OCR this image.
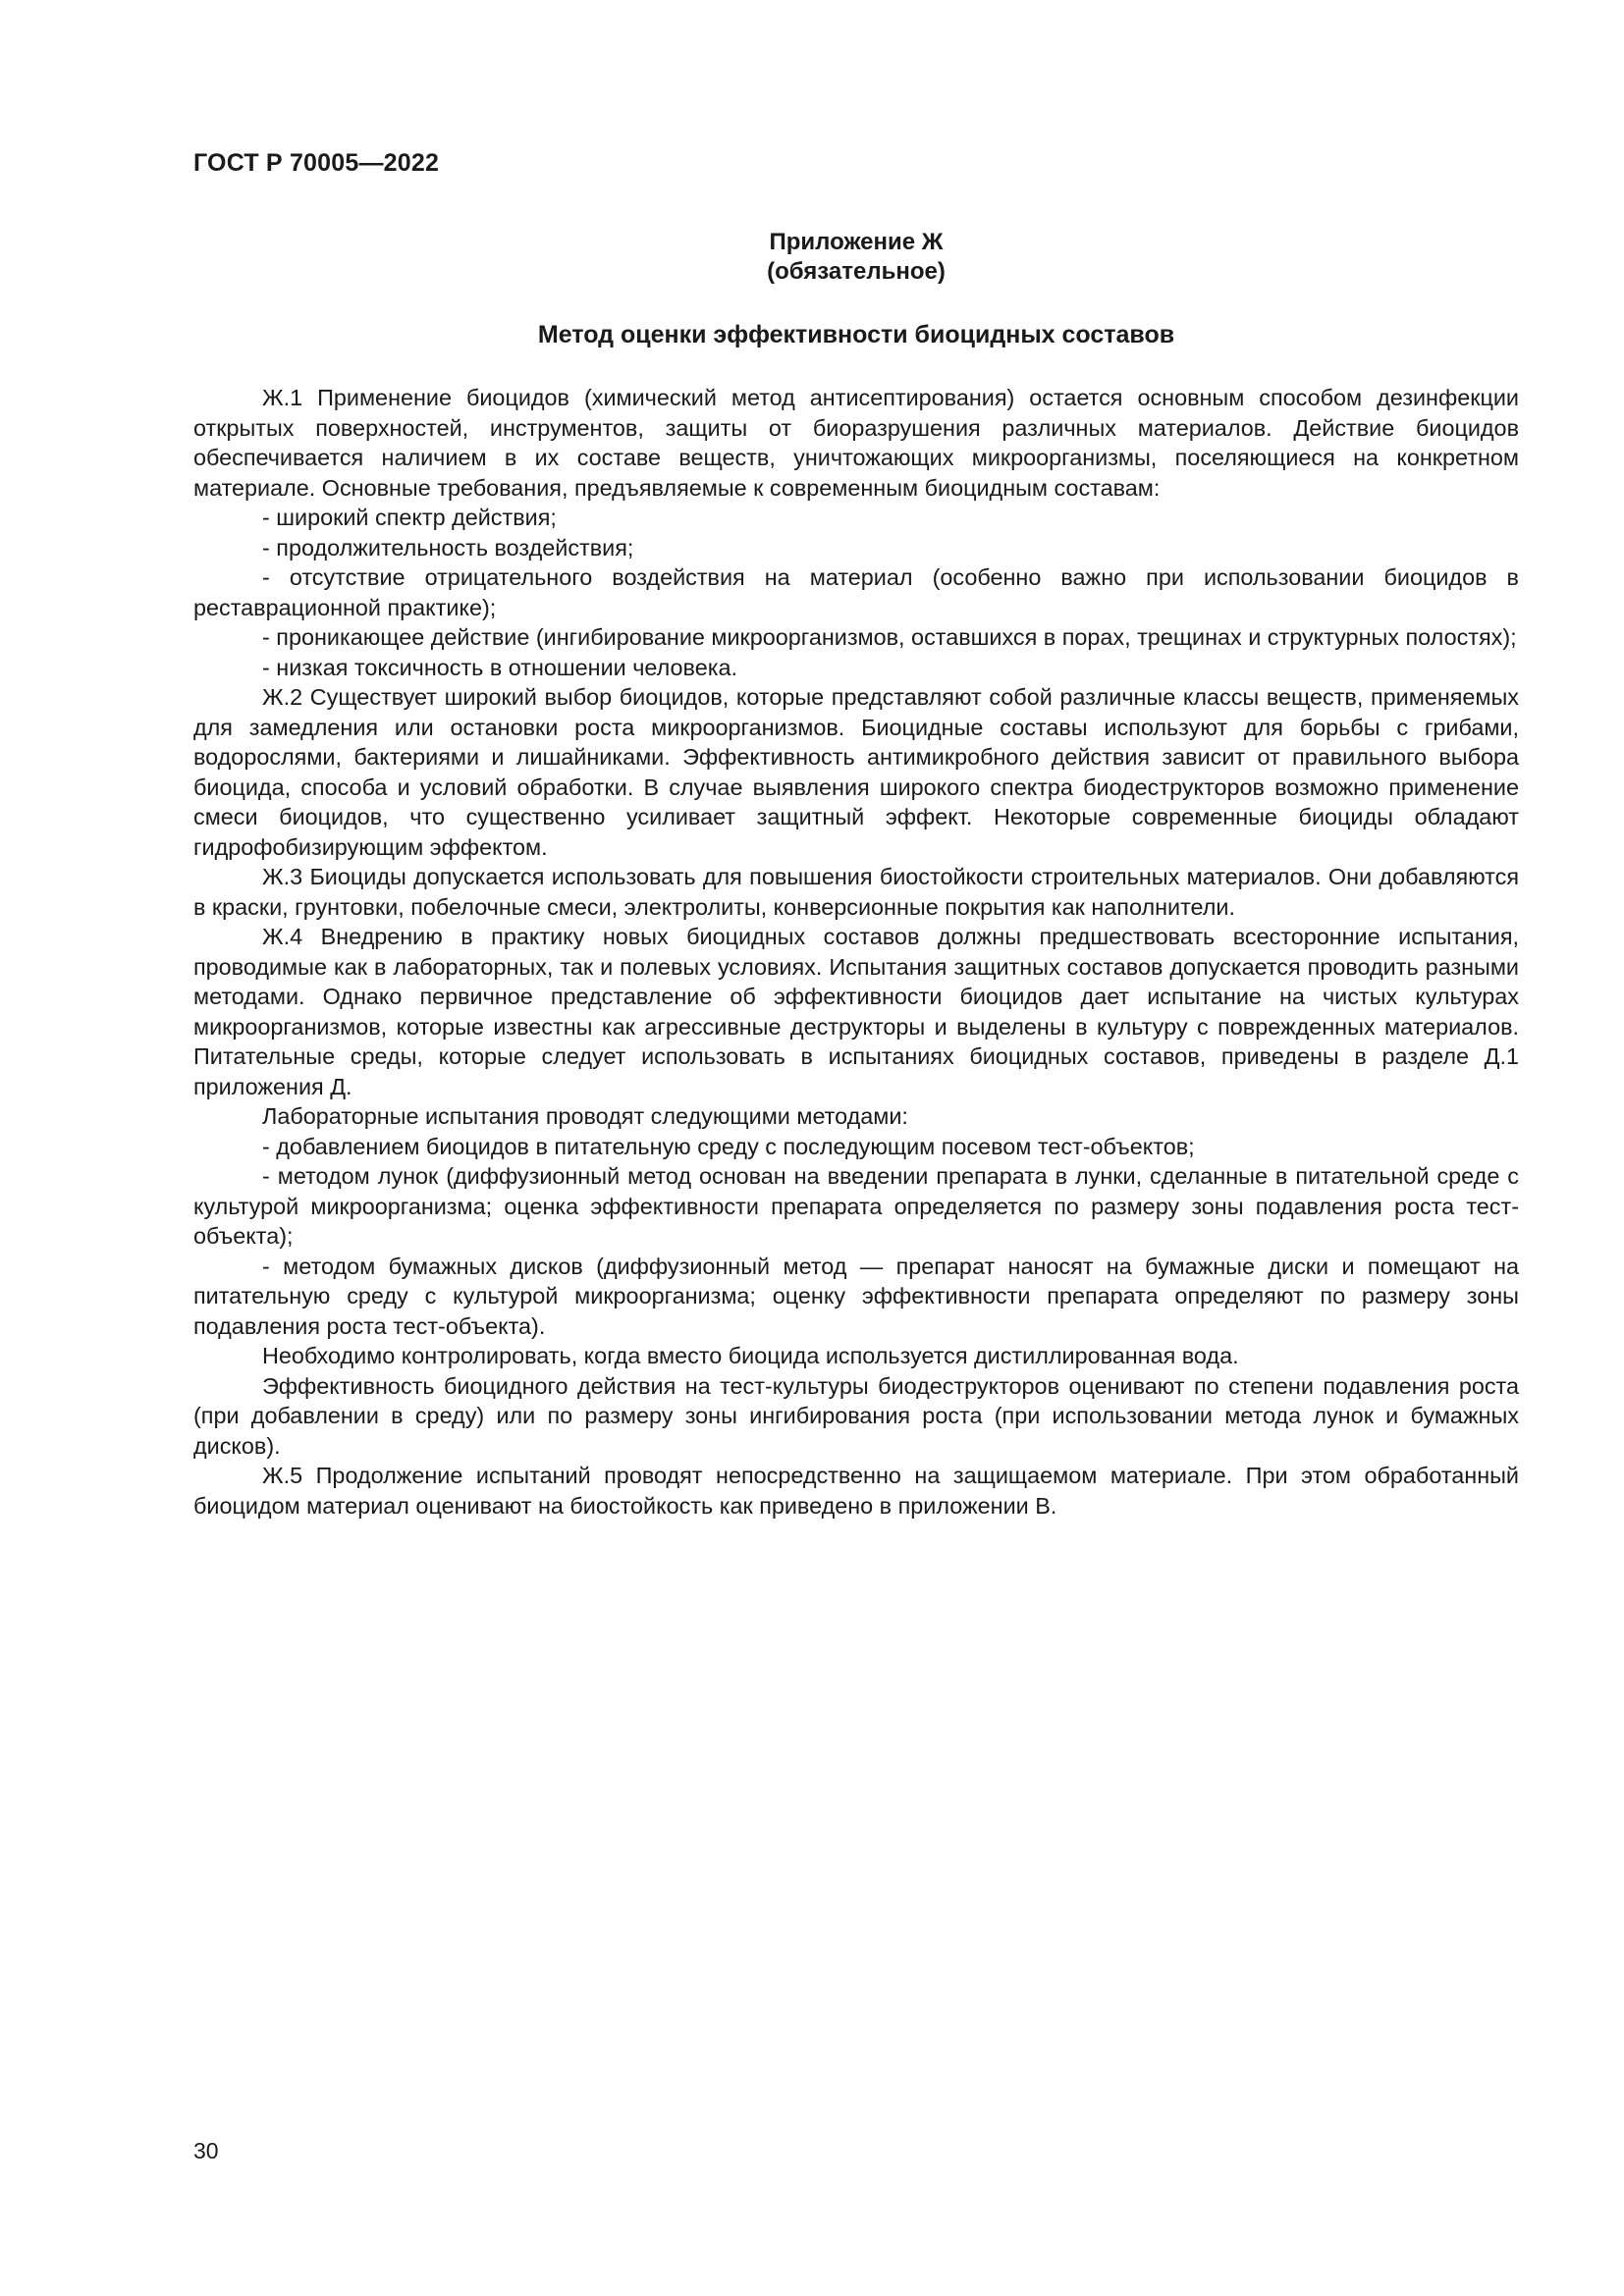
ГОСТ Р 70005—2022

Приложение Ж

(обязательное)

Метод оценки эффективности биоцидных составов

Ж.1 Применение биоцидов (химический метод антисептирования) остается основным способом дезинфекции открытых поверхностей, инструментов, защиты от биоразрушения различных материалов. Действие биоцидов обеспечивается наличием в их составе веществ, уничтожающих микроорганизмы, поселяющиеся на конкретном материале. Основные требования, предъявляемые к современным биоцидным составам:

- широкий спектр действия;

- продолжительность воздействия;

- отсутствие отрицательного воздействия на материал (особенно важно при использовании биоцидов в реставрационной практике);

- проникающее действие (ингибирование микроорганизмов, оставшихся в порах, трещинах и структурных полостях);

- низкая токсичность в отношении человека.

Ж.2 Существует широкий выбор биоцидов, которые представляют собой различные классы веществ, применяемых для замедления или остановки роста микроорганизмов. Биоцидные составы используют для борьбы с грибами, водорослями, бактериями и лишайниками. Эффективность антимикробного действия зависит от правильного выбора биоцида, способа и условий обработки. В случае выявления широкого спектра биодеструкторов возможно применение смеси биоцидов, что существенно усиливает защитный эффект. Некоторые современные биоциды обладают гидрофобизирующим эффектом.

Ж.3 Биоциды допускается использовать для повышения биостойкости строительных материалов. Они добавляются в краски, грунтовки, побелочные смеси, электролиты, конверсионные покрытия как наполнители.

Ж.4 Внедрению в практику новых биоцидных составов должны предшествовать всесторонние испытания, проводимые как в лабораторных, так и полевых условиях. Испытания защитных составов допускается проводить разными методами. Однако первичное представление об эффективности биоцидов дает испытание на чистых культурах микроорганизмов, которые известны как агрессивные деструкторы и выделены в культуру с поврежденных материалов. Питательные среды, которые следует использовать в испытаниях биоцидных составов, приведены в разделе Д.1 приложения Д.

Лабораторные испытания проводят следующими методами:

- добавлением биоцидов в питательную среду с последующим посевом тест-объектов;

- методом лунок (диффузионный метод основан на введении препарата в лунки, сделанные в питательной среде с культурой микроорганизма; оценка эффективности препарата определяется по размеру зоны подавления роста тест-объекта);

- методом бумажных дисков (диффузионный метод — препарат наносят на бумажные диски и помещают на питательную среду с культурой микроорганизма; оценку эффективности препарата определяют по размеру зоны подавления роста тест-объекта).

Необходимо контролировать, когда вместо биоцида используется дистиллированная вода.

Эффективность биоцидного действия на тест-культуры биодеструкторов оценивают по степени подавления роста (при добавлении в среду) или по размеру зоны ингибирования роста (при использовании метода лунок и бумажных дисков).

Ж.5 Продолжение испытаний проводят непосредственно на защищаемом материале. При этом обработанный биоцидом материал оценивают на биостойкость как приведено в приложении В.

30
